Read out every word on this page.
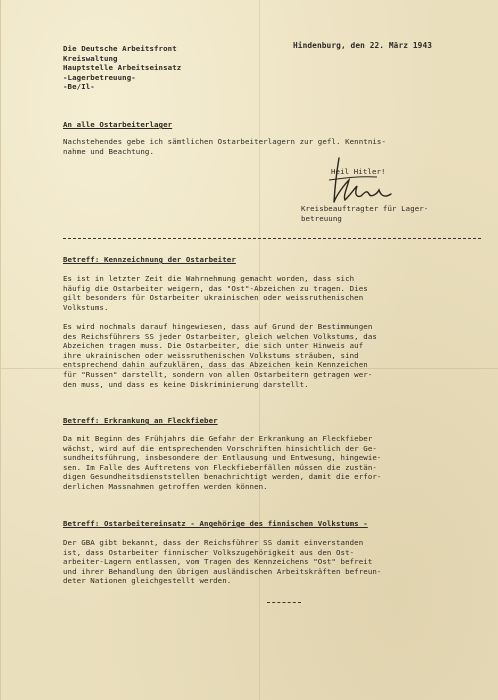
Die Deutsche Arbeitsfront
Kreiswaltung
Hauptstelle Arbeitseinsatz
-Lagerbetreuung-
-Be/Il-
Hindenburg, den 22. März 1943
An alle Ostarbeiterlager
Nachstehendes gebe ich sämtlichen Ostarbeiterlagern zur gefl. Kenntnis-
nahme und Beachtung.
Heil Hitler!
Kreisbeauftragter für Lager-
betreuung
Betreff: Kennzeichnung der Ostarbeiter
Es ist in letzter Zeit die Wahrnehmung gemacht worden, dass sich
häufig die Ostarbeiter weigern, das "Ost"-Abzeichen zu tragen. Dies
gilt besonders für Ostarbeiter ukrainischen oder weissruthenischen
Volkstums.
Es wird nochmals darauf hingewiesen, dass auf Grund der Bestimmungen
des Reichsführers SS jeder Ostarbeiter, gleich welchen Volkstums, das
Abzeichen tragen muss. Die Ostarbeiter, die sich unter Hinweis auf
ihre ukrainischen oder weissruthenischen Volkstums sträuben, sind
entsprechend dahin aufzuklären, dass das Abzeichen kein Kennzeichen
für "Russen" darstellt, sondern von allen Ostarbeitern getragen wer-
den muss, und dass es keine Diskriminierung darstellt.
Betreff: Erkrankung an Fleckfieber
Da mit Beginn des Frühjahrs die Gefahr der Erkrankung an Fleckfieber
wächst, wird auf die entsprechenden Vorschriften hinsichtlich der Ge-
sundheitsführung, insbesondere der Entlausung und Entwesung, hingewie-
sen. Im Falle des Auftretens von Fleckfieberfällen müssen die zustän-
digen Gesundheitsdienststellen benachrichtigt werden, damit die erfor-
derlichen Massnahmen getroffen werden können.
Betreff: Ostarbeitereinsatz - Angehörige des finnischen Volkstums -
Der GBA gibt bekannt, dass der Reichsführer SS damit einverstanden
ist, dass Ostarbeiter finnischer Volkszugehörigkeit aus den Ost-
arbeiter-Lagern entlassen, vom Tragen des Kennzeichens "Ost" befreit
und ihrer Behandlung den übrigen ausländischen Arbeitskräften befreun-
deter Nationen gleichgestellt werden.
